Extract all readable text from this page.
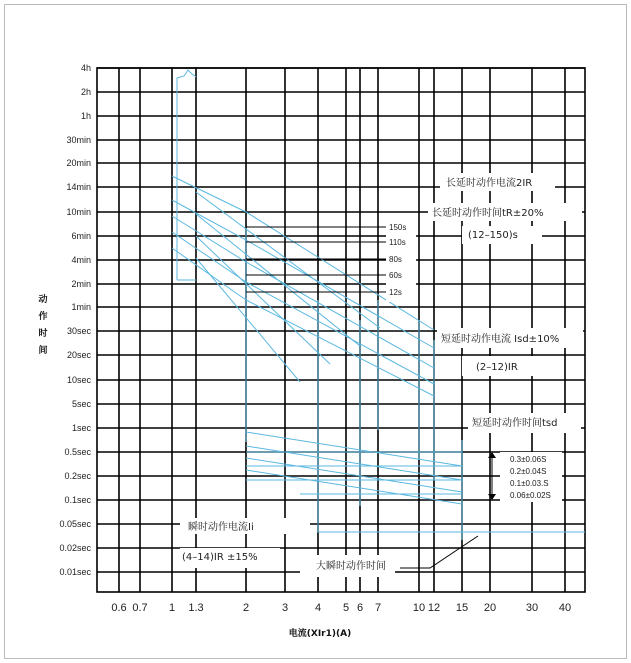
4h
2h
1h
30min
20min
14min
10min
6min
4min
2min
1min
30sec
20sec
10sec
5sec
1sec
0.5sec
0.2sec
0.1sec
0.05sec
0.02sec
0.01sec
0.6 0.7 1 1.3	2	3 4 5 6 7	10 12 15 20	30 40
动
作
时
间
电流(XIr1)(A)
长延时动作电流2IR
长延时动作时间tR±20%
(12–150)s
短延时动作电流 Isd±10%
(2–12)IR
短延时动作时间tsd
0.3±0.06S
0.2±0.04S
0.1±0.03.S
0.06±0.02S
瞬时动作电流Ii
(4–14)IR ±15%
大瞬时动作时间
150s
110s
80s
60s
12s
